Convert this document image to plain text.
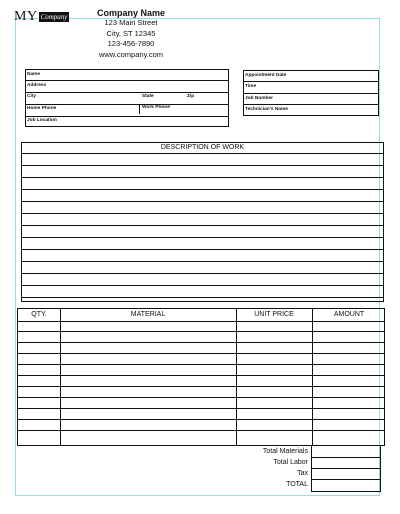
MY Company	Company Name
123 Main Street
City, ST 12345
123-456-7890
www.company.com
Name
Address
City	State	Zip
Home Phone	Work Phone
Job Location
Appointment Date
Time
Job Number
Technician's Name
DESCRIPTION OF WORK
QTY.	MATERIAL	UNIT PRICE	AMOUNT
Total Materials
Total Labor
Tax
TOTAL
